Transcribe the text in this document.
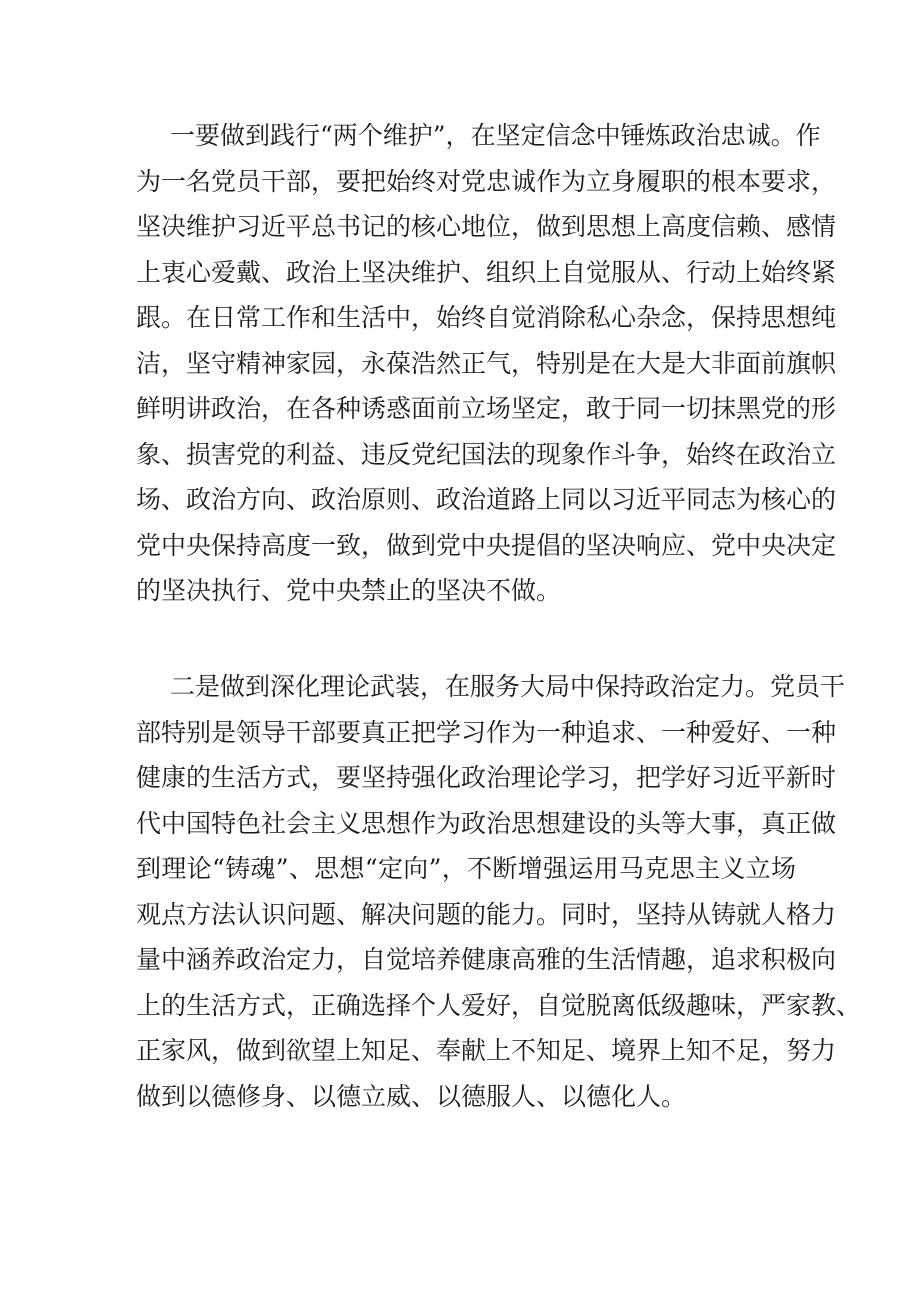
一要做到践行“两个维护”，在坚定信念中锤炼政治忠诚。作
为一名党员干部，要把始终对党忠诚作为立身履职的根本要求，
坚决维护习近平总书记的核心地位，做到思想上高度信赖、感情
上衷心爱戴、政治上坚决维护、组织上自觉服从、行动上始终紧
跟。在日常工作和生活中，始终自觉消除私心杂念，保持思想纯
洁，坚守精神家园，永葆浩然正气，特别是在大是大非面前旗帜
鲜明讲政治，在各种诱惑面前立场坚定，敢于同一切抹黑党的形
象、损害党的利益、违反党纪国法的现象作斗争，始终在政治立
场、政治方向、政治原则、政治道路上同以习近平同志为核心的
党中央保持高度一致，做到党中央提倡的坚决响应、党中央决定
的坚决执行、党中央禁止的坚决不做。
二是做到深化理论武装，在服务大局中保持政治定力。党员干
部特别是领导干部要真正把学习作为一种追求、一种爱好、一种
健康的生活方式，要坚持强化政治理论学习，把学好习近平新时
代中国特色社会主义思想作为政治思想建设的头等大事，真正做
到理论“铸魂”、思想“定向”，不断增强运用马克思主义立场
观点方法认识问题、解决问题的能力。同时，坚持从铸就人格力
量中涵养政治定力，自觉培养健康高雅的生活情趣，追求积极向
上的生活方式，正确选择个人爱好，自觉脱离低级趣味，严家教、
正家风，做到欲望上知足、奉献上不知足、境界上知不足，努力
做到以德修身、以德立威、以德服人、以德化人。
